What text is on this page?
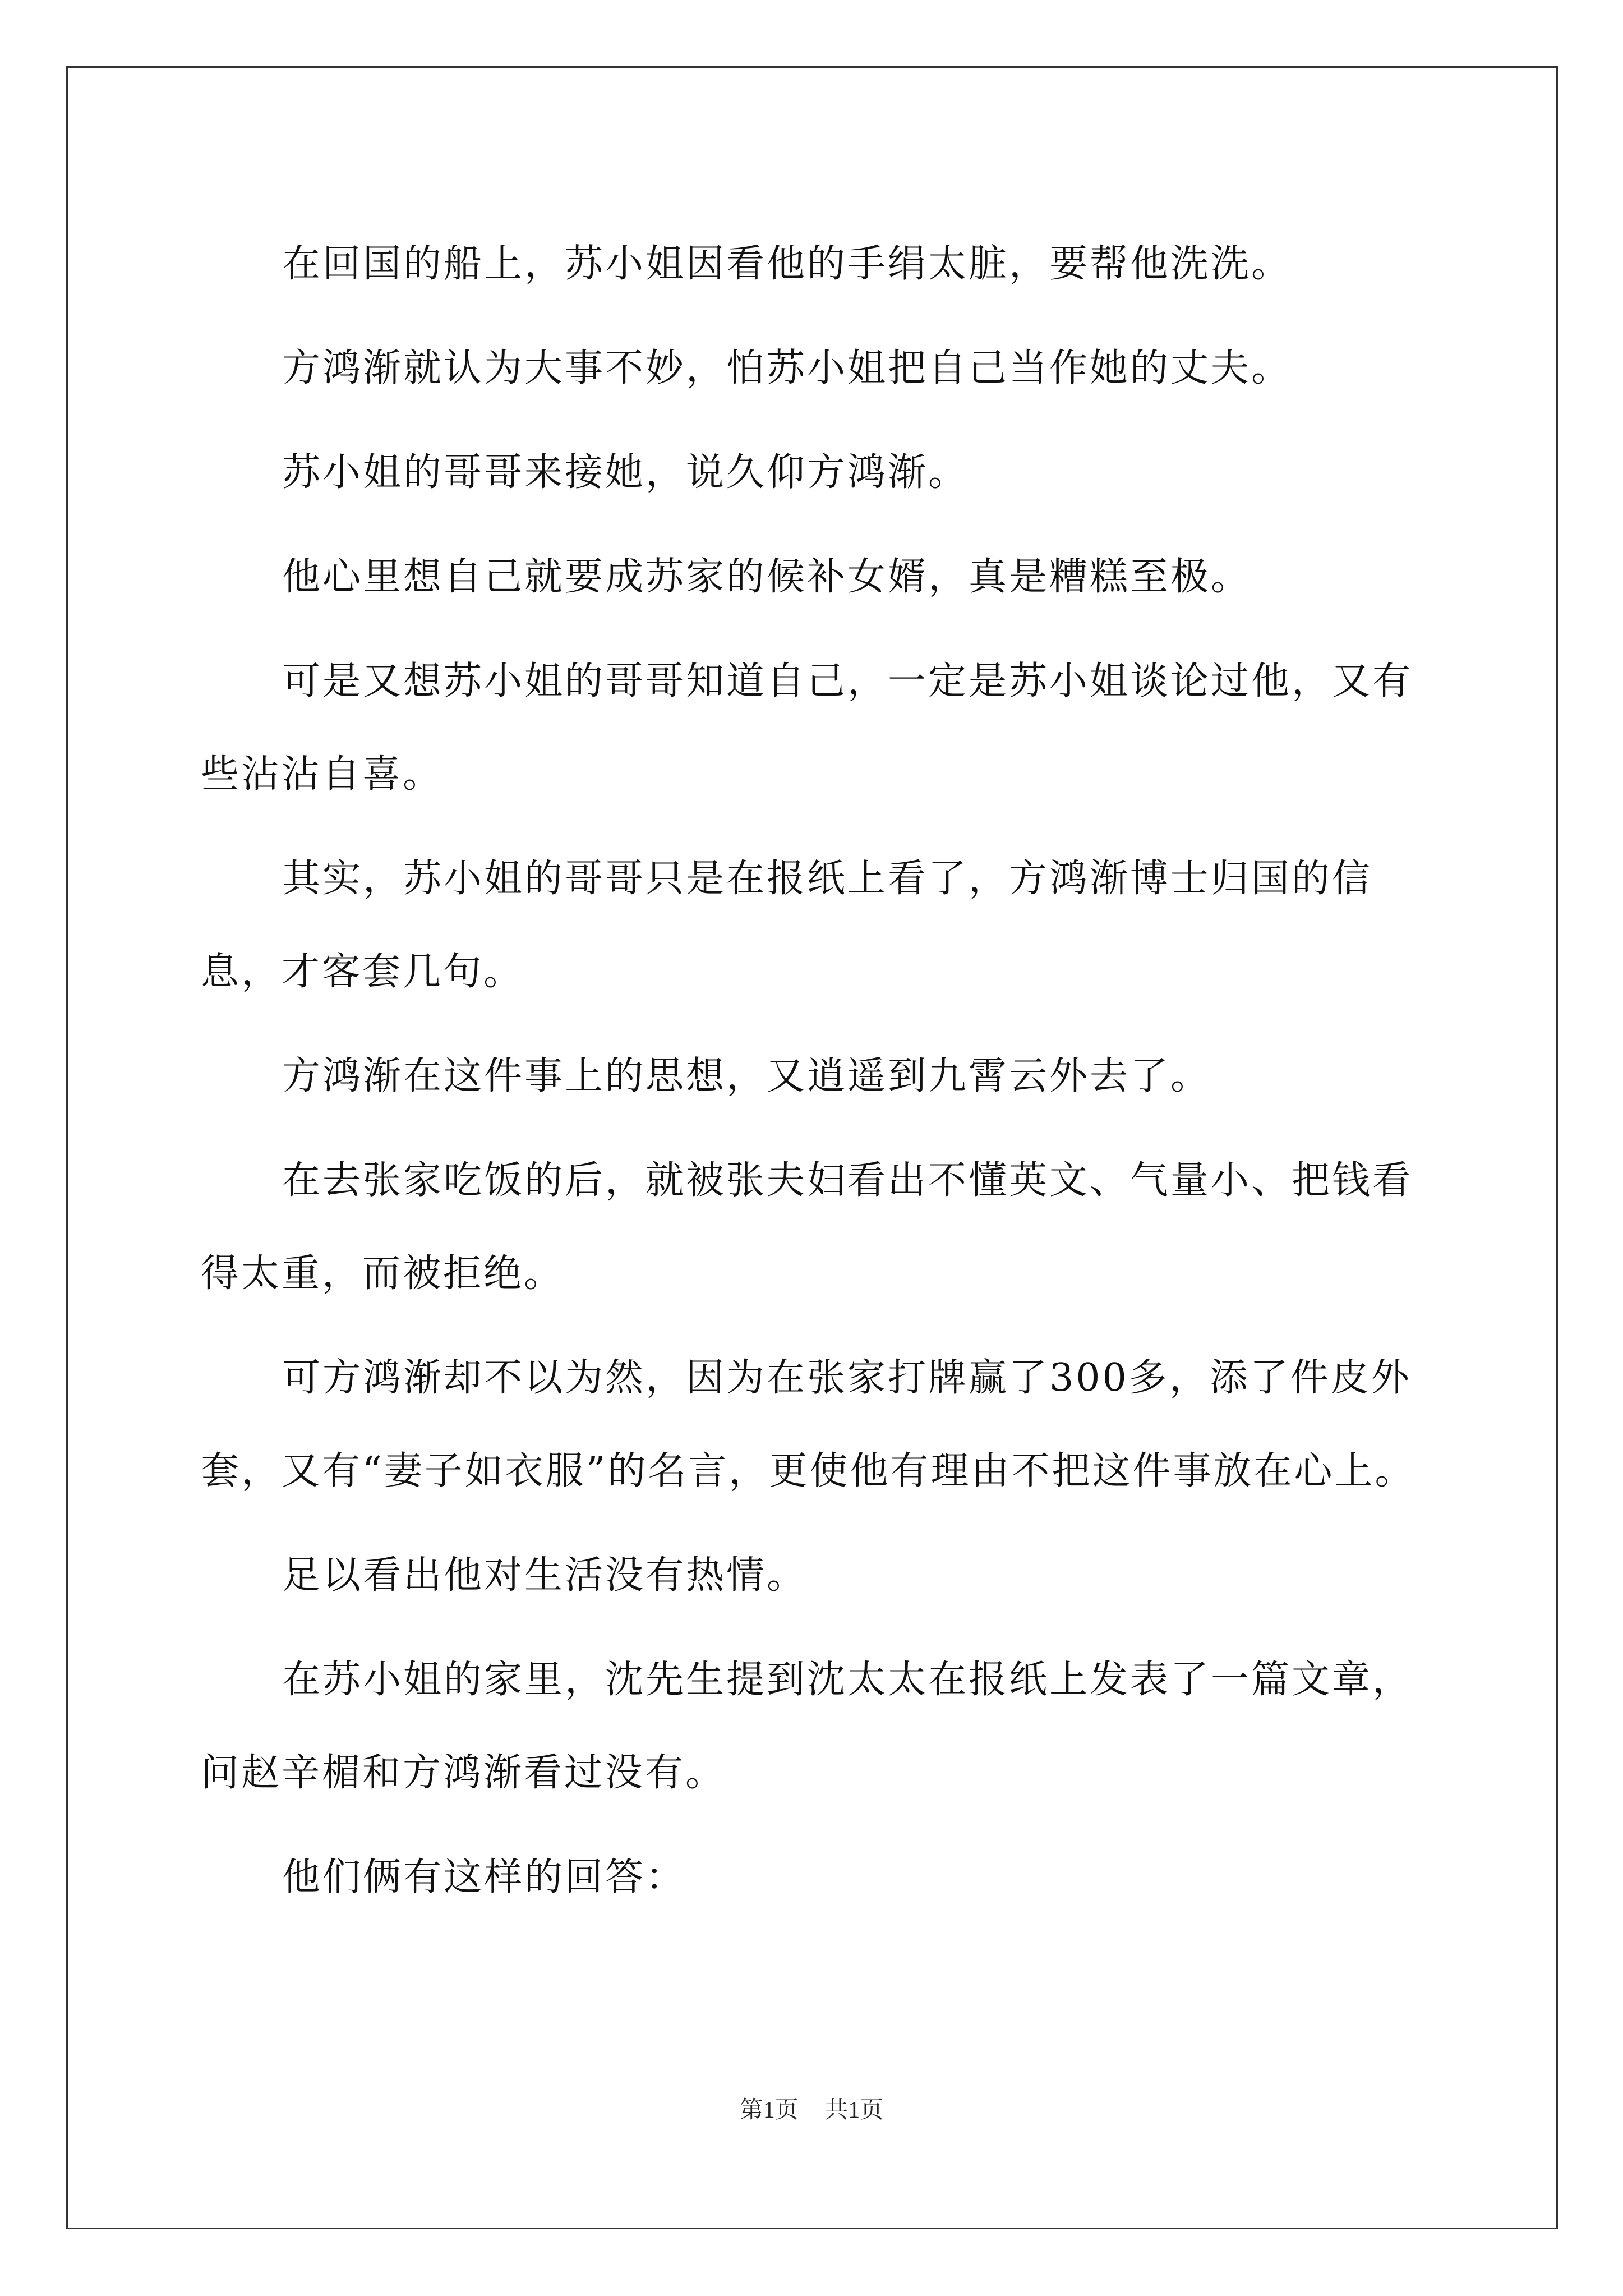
在回国的船上，苏小姐因看他的手绢太脏，要帮他洗洗。

方鸿渐就认为大事不妙，怕苏小姐把自己当作她的丈夫。

苏小姐的哥哥来接她，说久仰方鸿渐。

他心里想自己就要成苏家的候补女婿，真是糟糕至极。

可是又想苏小姐的哥哥知道自己，一定是苏小姐谈论过他，又有些沾沾自喜。

其实，苏小姐的哥哥只是在报纸上看了，方鸿渐博士归国的信息，才客套几句。

方鸿渐在这件事上的思想，又逍遥到九霄云外去了。

在去张家吃饭的后，就被张夫妇看出不懂英文、气量小、把钱看得太重，而被拒绝。

可方鸿渐却不以为然，因为在张家打牌赢了300多，添了件皮外套，又有“妻子如衣服”的名言，更使他有理由不把这件事放在心上。

足以看出他对生活没有热情。

在苏小姐的家里，沈先生提到沈太太在报纸上发表了一篇文章，问赵辛楣和方鸿渐看过没有。

他们俩有这样的回答：

第1页 共1页
